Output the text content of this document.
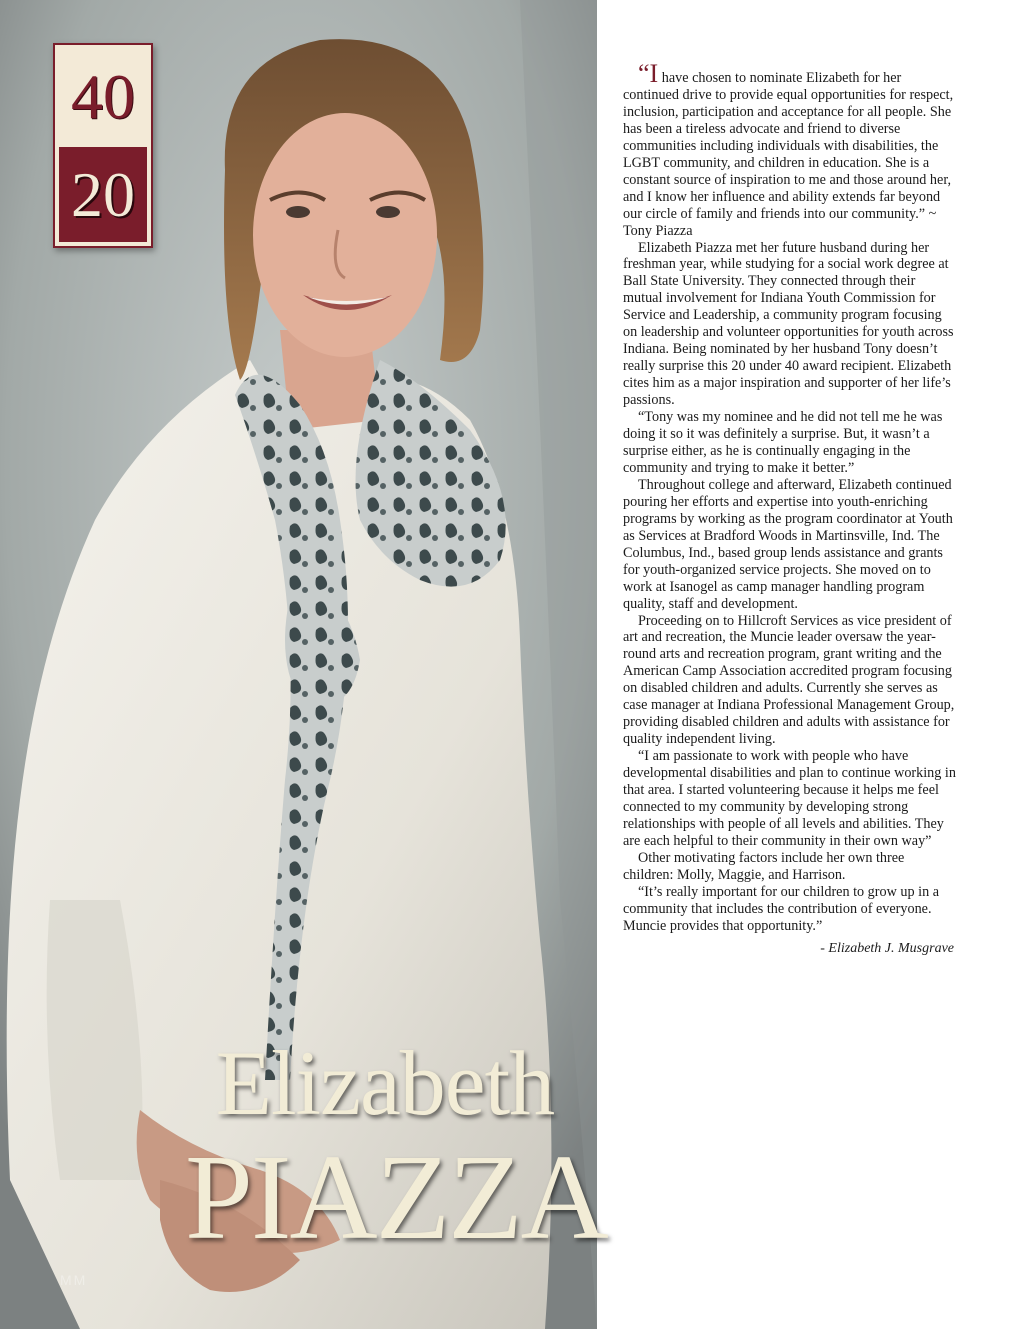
40
20
Elizabeth
PIAZZA
MM

“I have chosen to nominate Elizabeth for her continued drive to provide equal opportunities for respect, inclusion, participation and acceptance for all people. She has been a tireless advocate and friend to diverse communities including individuals with disabilities, the LGBT community, and children in education. She is a constant source of inspiration to me and those around her, and I know her influence and ability extends far beyond our circle of family and friends into our community.” ~ Tony Piazza

Elizabeth Piazza met her future husband during her freshman year, while studying for a social work degree at Ball State University. They connected through their mutual involvement for Indiana Youth Commission for Service and Leadership, a community program focusing on leadership and volunteer opportunities for youth across Indiana. Being nominated by her husband Tony doesn’t really surprise this 20 under 40 award recipient. Elizabeth cites him as a major inspiration and supporter of her life’s passions.

“Tony was my nominee and he did not tell me he was doing it so it was definitely a surprise. But, it wasn’t a surprise either, as he is continually engaging in the community and trying to make it better.”

Throughout college and afterward, Elizabeth continued pouring her efforts and expertise into youth-enriching programs by working as the program coordinator at Youth as Services at Bradford Woods in Martinsville, Ind. The Columbus, Ind., based group lends assistance and grants for youth-organized service projects. She moved on to work at Isanogel as camp manager handling program quality, staff and development.

Proceeding on to Hillcroft Services as vice president of art and recreation, the Muncie leader oversaw the year-round arts and recreation program, grant writing and the American Camp Association accredited program focusing on disabled children and adults. Currently she serves as case manager at Indiana Professional Management Group, providing disabled children and adults with assistance for quality independent living.

“I am passionate to work with people who have developmental disabilities and plan to continue working in that area. I started volunteering because it helps me feel connected to my community by developing strong relationships with people of all levels and abilities. They are each helpful to their community in their own way”

Other motivating factors include her own three children: Molly, Maggie, and Harrison.

“It’s really important for our children to grow up in a community that includes the contribution of everyone. Muncie provides that opportunity.”

- Elizabeth J. Musgrave
